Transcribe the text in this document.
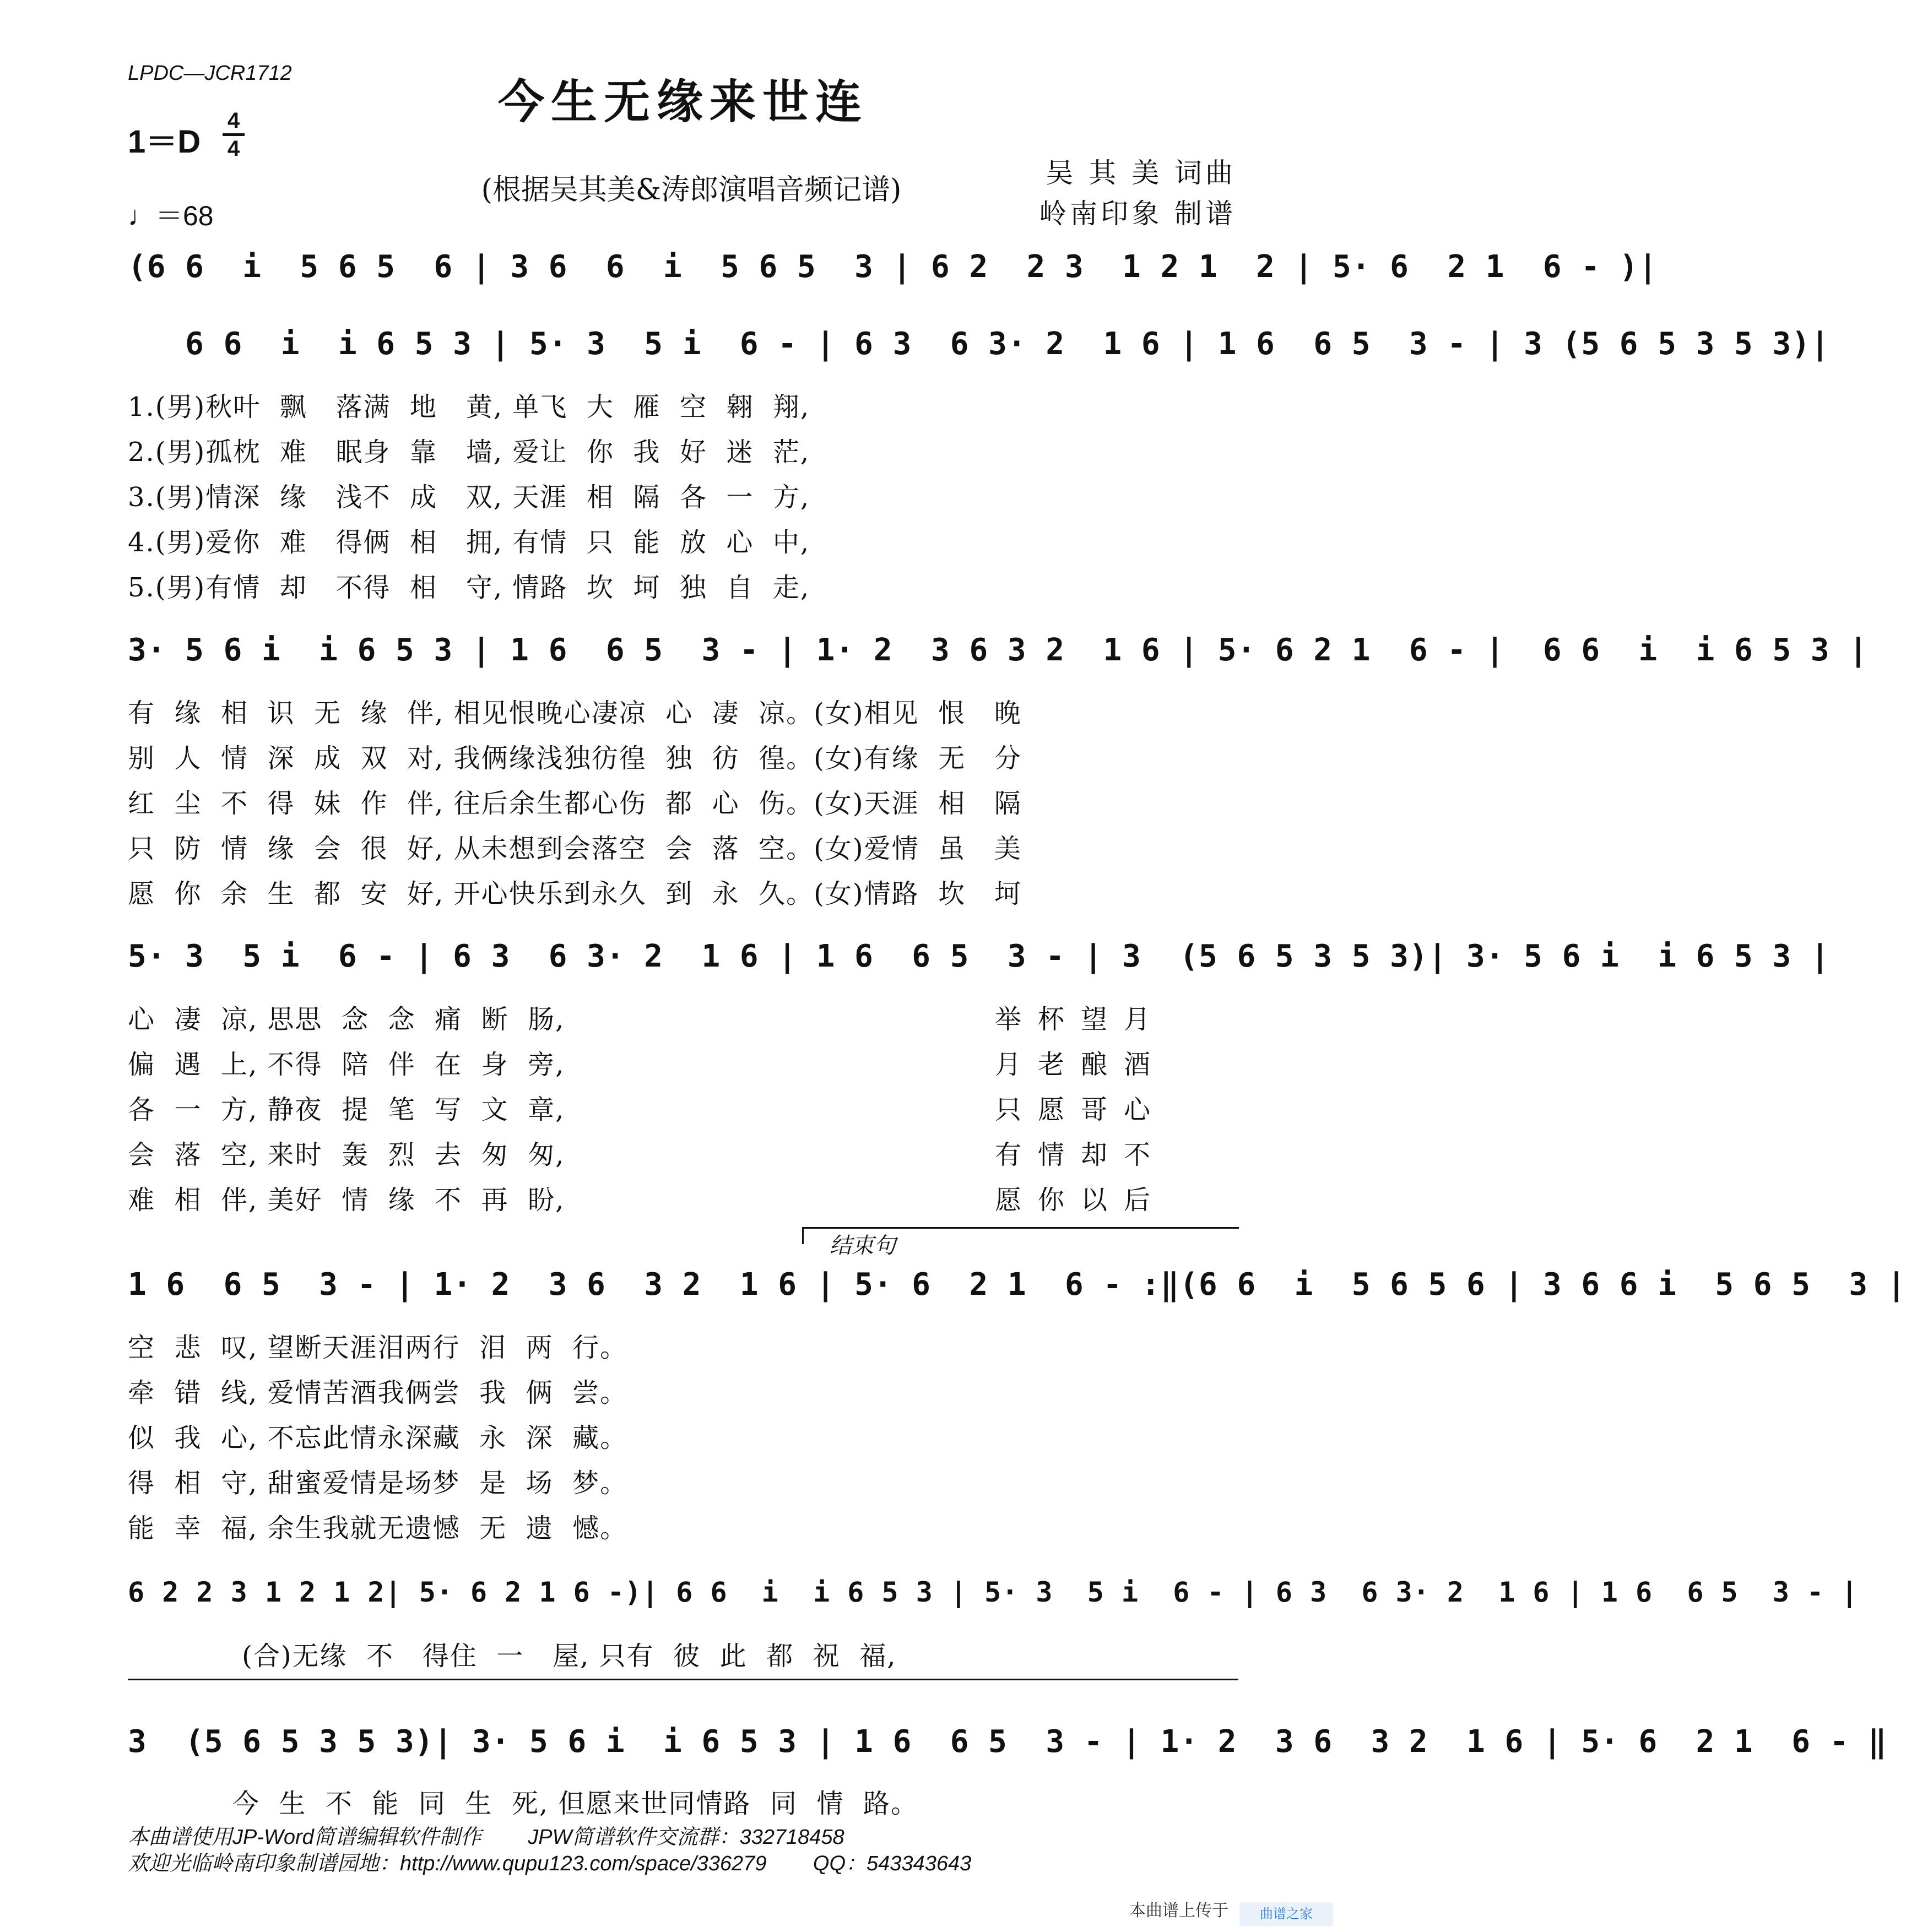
LPDC—JCR1712
今生无缘来世连
1＝D
4
4
♩＝68
(根据吴其美&涛郎演唱音频记谱)
吴 其 美 词曲
岭南印象 制谱
(6 6  i  5 6 5  6 | 3 6  6  i  5 6 5  3 | 6 2  2 3  1 2 1  2 | 5· 6  2 1  6 - )|
6 6  i  i 6 5 3 | 5· 3  5 i  6 - | 6 3  6 3· 2  1 6 | 1 6  6 5  3 - | 3 (5 6 5 3 5 3)|
1.(男)秋叶  飘   落满  地   黄, 单飞  大  雁  空  翱  翔,
2.(男)孤枕  难   眠身  靠   墙, 爱让  你  我  好  迷  茫,
3.(男)情深  缘   浅不  成   双, 天涯  相  隔  各  一  方,
4.(男)爱你  难   得俩  相   拥, 有情  只  能  放  心  中,
5.(男)有情  却   不得  相   守, 情路  坎  坷  独  自  走,
3· 5 6 i  i 6 5 3 | 1 6  6 5  3 - | 1· 2  3 6 3 2  1 6 | 5· 6 2 1  6 - |  6 6  i  i 6 5 3 |
有  缘  相  识  无  缘  伴, 相见恨晚心凄凉  心  凄  凉。(女)相见  恨   晚
别  人  情  深  成  双  对, 我俩缘浅独彷徨  独  彷  徨。(女)有缘  无   分
红  尘  不  得  妹  作  伴, 往后余生都心伤  都  心  伤。(女)天涯  相   隔
只  防  情  缘  会  很  好, 从未想到会落空  会  落  空。(女)爱情  虽   美
愿  你  余  生  都  安  好, 开心快乐到永久  到  永  久。(女)情路  坎   坷
5· 3  5 i  6 - | 6 3  6 3· 2  1 6 | 1 6  6 5  3 - | 3  (5 6 5 3 5 3)| 3· 5 6 i  i 6 5 3 |
心  凄  凉, 思思  念  念  痛  断  肠,
偏  遇  上, 不得  陪  伴  在  身  旁,
各  一  方, 静夜  提  笔  写  文  章,
会  落  空, 来时  轰  烈  去  匆  匆,
难  相  伴, 美好  情  缘  不  再  盼,
举杯望月
月老酿酒
只愿哥心
有情却不
愿你以后
结束句
1 6  6 5  3 - | 1· 2  3 6  3 2  1 6 | 5· 6  2 1  6 - :‖(6 6  i  5 6 5 6 | 3 6 6 i  5 6 5  3 |
空  悲  叹, 望断天涯泪两行  泪  两  行。
牵  错  线, 爱情苦酒我俩尝  我  俩  尝。
似  我  心, 不忘此情永深藏  永  深  藏。
得  相  守, 甜蜜爱情是场梦  是  场  梦。
能  幸  福, 余生我就无遗憾  无  遗  憾。
6 2 2 3 1 2 1 2| 5· 6 2 1 6 -)| 6 6  i  i 6 5 3 | 5· 3  5 i  6 - | 6 3  6 3· 2  1 6 | 1 6  6 5  3 - |
(合)无缘  不   得住  一   屋, 只有  彼  此  都  祝  福,
3  (5 6 5 3 5 3)| 3· 5 6 i  i 6 5 3 | 1 6  6 5  3 - | 1· 2  3 6  3 2  1 6 | 5· 6  2 1  6 - ‖
今  生  不  能  同  生  死, 但愿来世同情路  同  情  路。
本曲谱使用JP-Word简谱编辑软件制作        JPW简谱软件交流群：332718458
欢迎光临岭南印象制谱园地：http://www.qupu123.com/space/336279        QQ：543343643
本曲谱上传于	曲谱之家
